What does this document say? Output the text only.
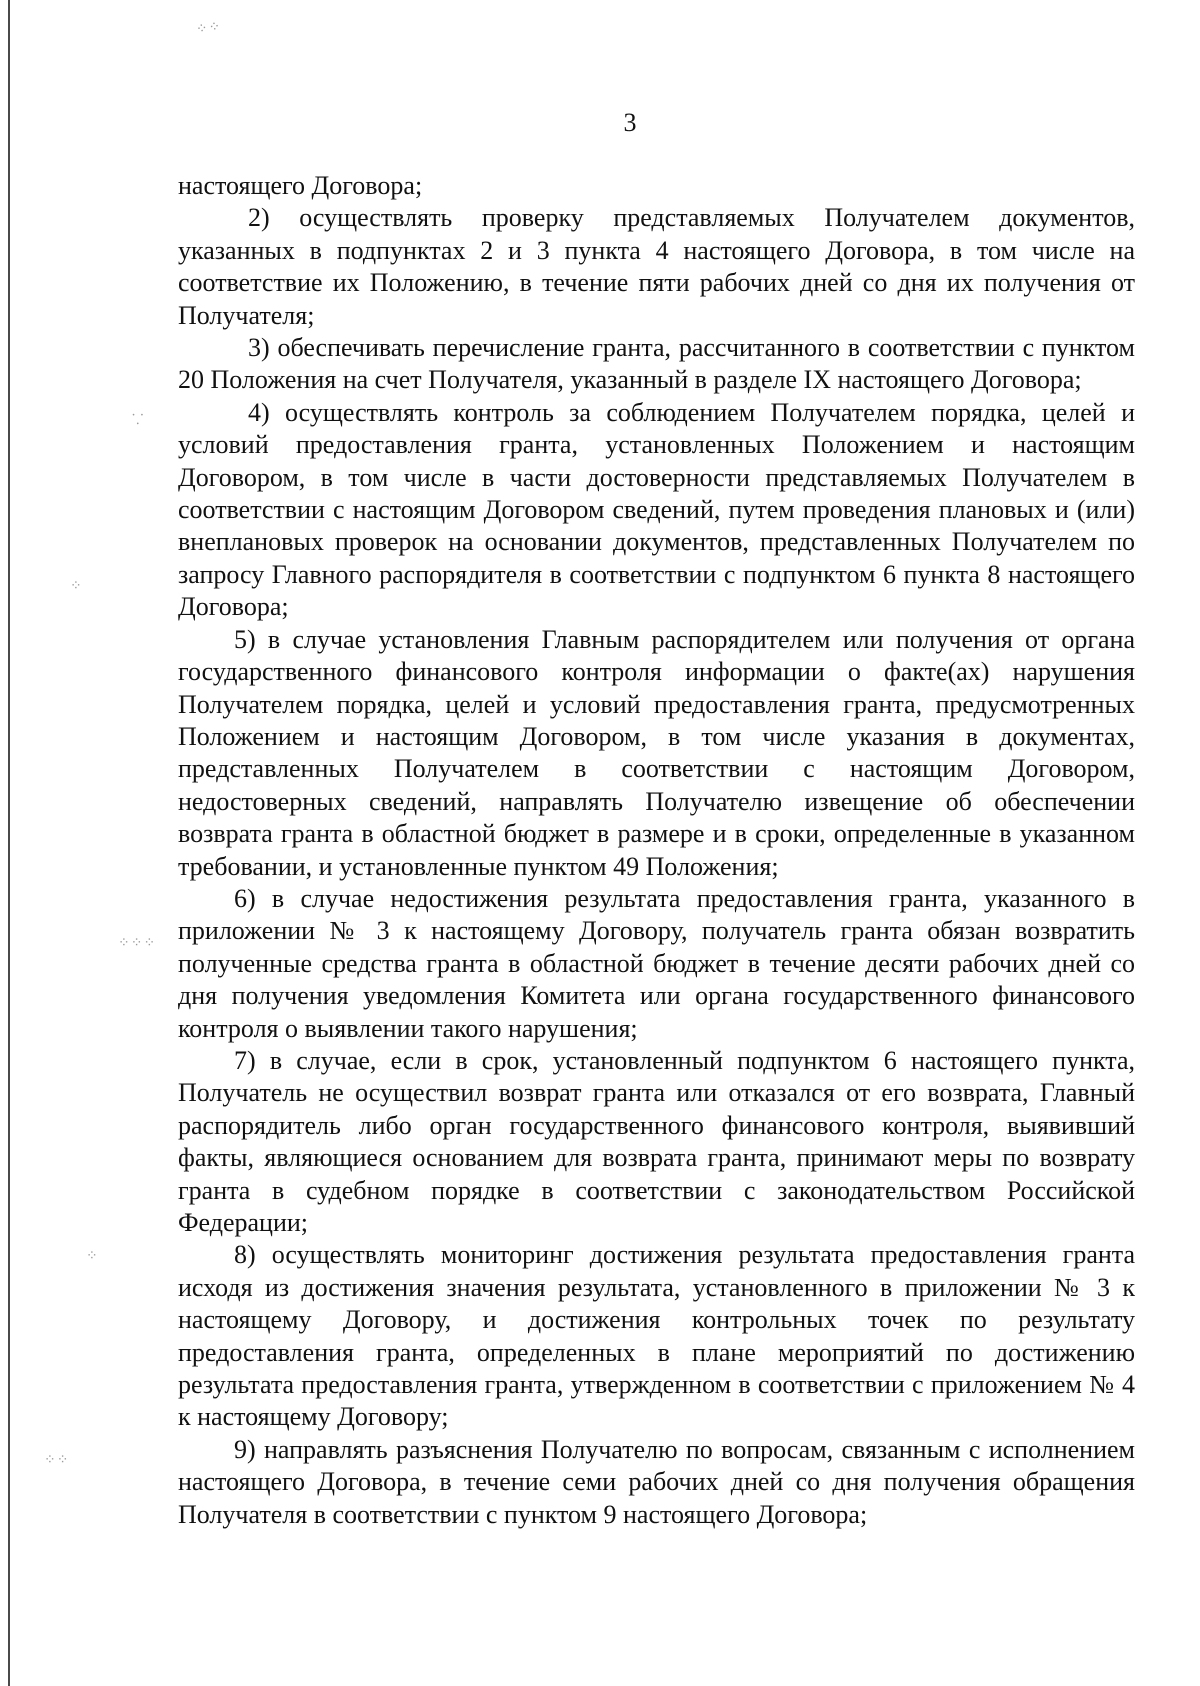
⁘⁘
⸪
⁘
⁘⁘⁘
⁘
⁘⁘
3

настоящего Договора;

2) осуществлять проверку представляемых Получателем документов, указанных в подпунктах 2 и 3 пункта 4 настоящего Договора, в том числе на соответствие их Положению, в течение пяти рабочих дней со дня их получения от Получателя;

3) обеспечивать перечисление гранта, рассчитанного в соответствии с пунктом 20 Положения на счет Получателя, указанный в разделе IX настоящего Договора;

4) осуществлять контроль за соблюдением Получателем порядка, целей и условий предоставления гранта, установленных Положением и настоящим Договором, в том числе в части достоверности представляемых Получателем в соответствии с настоящим Договором сведений, путем проведения плановых и (или) внеплановых проверок на основании документов, представленных Получателем по запросу Главного распорядителя в соответствии с подпунктом 6 пункта 8 настоящего Договора;

5) в случае установления Главным распорядителем или получения от органа государственного финансового контроля информации о факте(ах) нарушения Получателем порядка, целей и условий предоставления гранта, предусмотренных Положением и настоящим Договором, в том числе указания в документах, представленных Получателем в соответствии с настоящим Договором, недостоверных сведений, направлять Получателю извещение об обеспечении возврата гранта в областной бюджет в размере и в сроки, определенные в указанном требовании, и установленные пунктом 49 Положения;

6) в случае недостижения результата предоставления гранта, указанного в приложении № 3 к настоящему Договору, получатель гранта обязан возвратить полученные средства гранта в областной бюджет в течение десяти рабочих дней со дня получения уведомления Комитета или органа государственного финансового контроля о выявлении такого нарушения;

7) в случае, если в срок, установленный подпунктом 6 настоящего пункта, Получатель не осуществил возврат гранта или отказался от его возврата, Главный распорядитель либо орган государственного финансового контроля, выявивший факты, являющиеся основанием для возврата гранта, принимают меры по возврату гранта в судебном порядке в соответствии с законодательством Российской Федерации;

8) осуществлять мониторинг достижения результата предоставления гранта исходя из достижения значения результата, установленного в приложении № 3 к настоящему Договору, и достижения контрольных точек по результату предоставления гранта, определенных в плане мероприятий по достижению результата предоставления гранта, утвержденном в соответствии с приложением № 4 к настоящему Договору;

9) направлять разъяснения Получателю по вопросам, связанным с исполнением настоящего Договора, в течение семи рабочих дней со дня получения обращения Получателя в соответствии с пунктом 9 настоящего Договора;
